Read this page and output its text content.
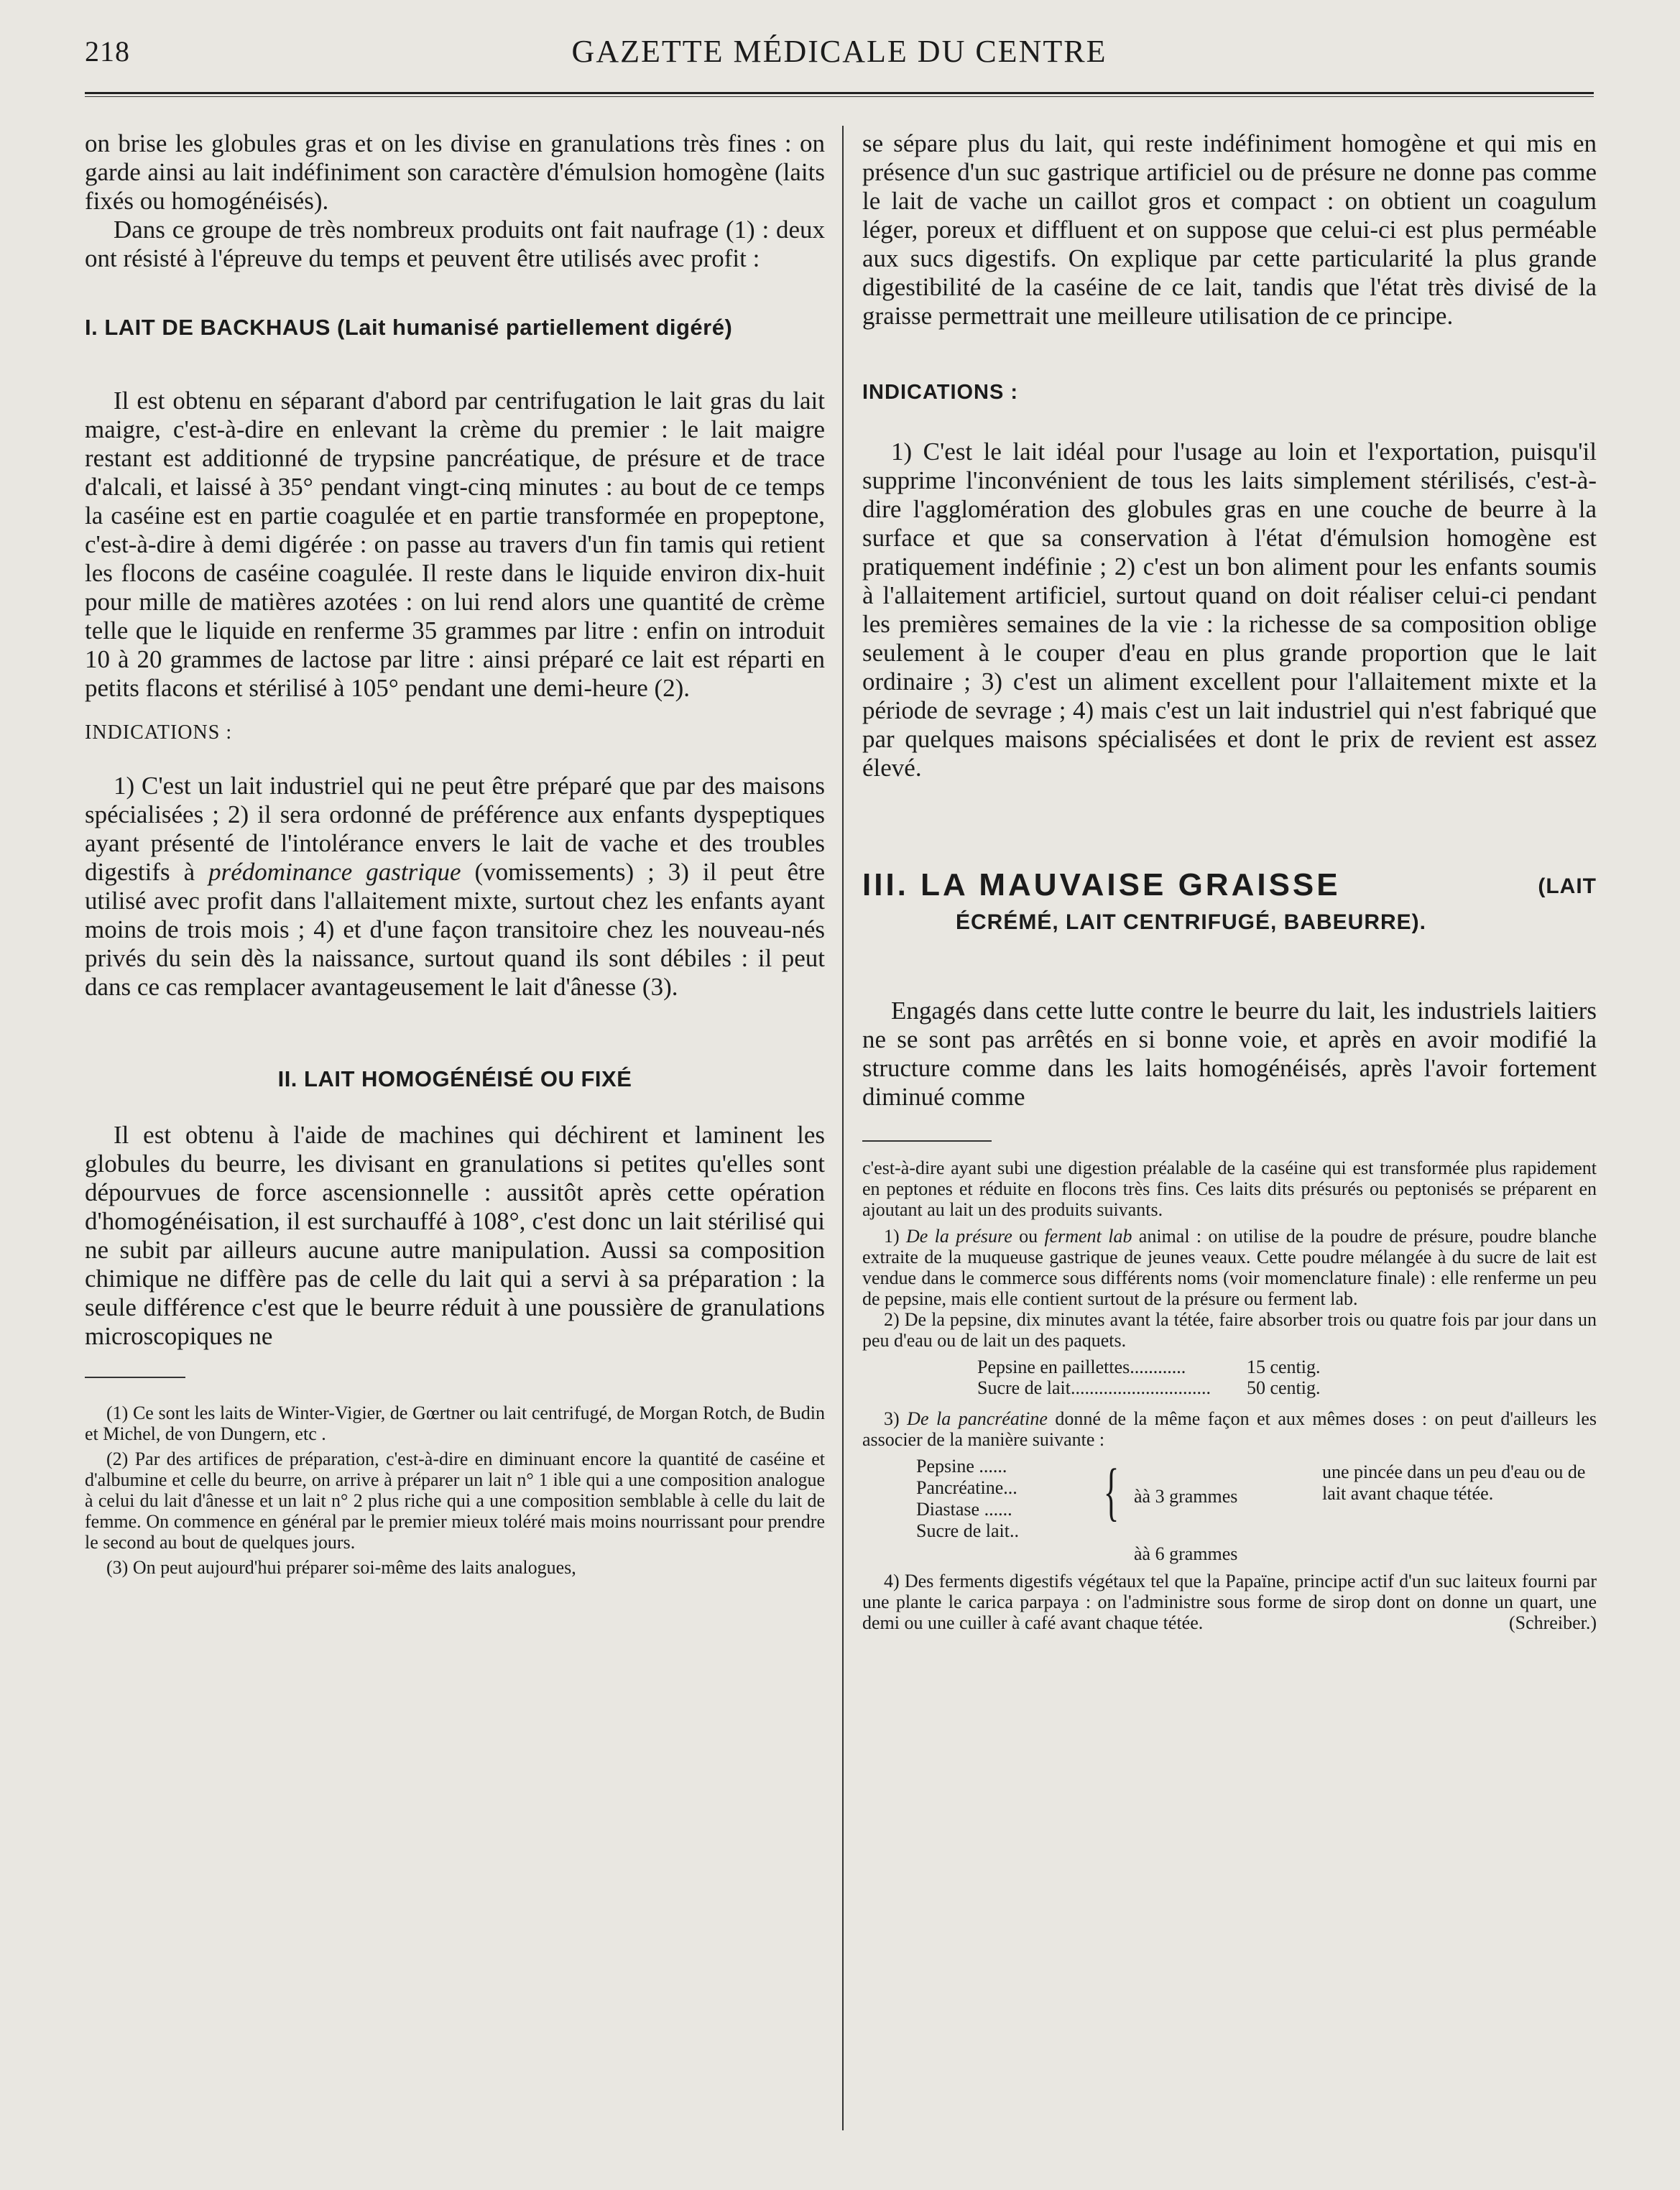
218	GAZETTE MÉDICALE DU CENTRE

on brise les globules gras et on les divise en granulations très fines : on garde ainsi au lait indéfiniment son caractère d'émulsion homogène (laits fixés ou homogénéisés).

Dans ce groupe de très nombreux produits ont fait naufrage (1) : deux ont résisté à l'épreuve du temps et peuvent être utilisés avec profit :

I. LAIT DE BACKHAUS (Lait humanisé partiellement digéré)

Il est obtenu en séparant d'abord par centrifugation le lait gras du lait maigre, c'est-à-dire en enlevant la crème du premier : le lait maigre restant est additionné de trypsine pancréatique, de présure et de trace d'alcali, et laissé à 35° pendant vingt-cinq minutes : au bout de ce temps la caséine est en partie coagulée et en partie transformée en propeptone, c'est-à-dire à demi digérée : on passe au travers d'un fin tamis qui retient les flocons de caséine coagulée. Il reste dans le liquide environ dix-huit pour mille de matières azotées : on lui rend alors une quantité de crème telle que le liquide en renferme 35 grammes par litre : enfin on introduit 10 à 20 grammes de lactose par litre : ainsi préparé ce lait est réparti en petits flacons et stérilisé à 105° pendant une demi-heure (2).

INDICATIONS :

1) C'est un lait industriel qui ne peut être préparé que par des maisons spécialisées ; 2) il sera ordonné de préférence aux enfants dyspeptiques ayant présenté de l'intolérance envers le lait de vache et des troubles digestifs à prédominance gastrique (vomissements) ; 3) il peut être utilisé avec profit dans l'allaitement mixte, surtout chez les enfants ayant moins de trois mois ; 4) et d'une façon transitoire chez les nouveau-nés privés du sein dès la naissance, surtout quand ils sont débiles : il peut dans ce cas remplacer avantageusement le lait d'ânesse (3).

II. LAIT HOMOGÉNÉISÉ OU FIXÉ

Il est obtenu à l'aide de machines qui déchirent et laminent les globules du beurre, les divisant en granulations si petites qu'elles sont dépourvues de force ascensionnelle : aussitôt après cette opération d'homogénéisation, il est surchauffé à 108°, c'est donc un lait stérilisé qui ne subit par ailleurs aucune autre manipulation. Aussi sa composition chimique ne diffère pas de celle du lait qui a servi à sa préparation : la seule différence c'est que le beurre réduit à une poussière de granulations microscopiques ne

(1) Ce sont les laits de Winter-Vigier, de Gœrtner ou lait centrifugé, de Morgan Rotch, de Budin et Michel, de von Dungern, etc .

(2) Par des artifices de préparation, c'est-à-dire en diminuant encore la quantité de caséine et d'albumine et celle du beurre, on arrive à préparer un lait n° 1 ible qui a une composition analogue à celui du lait d'ânesse et un lait n° 2 plus riche qui a une composition semblable à celle du lait de femme. On commence en général par le premier mieux toléré mais moins nourrissant pour prendre le second au bout de quelques jours.

(3) On peut aujourd'hui préparer soi-même des laits analogues,

se sépare plus du lait, qui reste indéfiniment homogène et qui mis en présence d'un suc gastrique artificiel ou de présure ne donne pas comme le lait de vache un caillot gros et compact : on obtient un coagulum léger, poreux et diffluent et on suppose que celui-ci est plus perméable aux sucs digestifs. On explique par cette particularité la plus grande digestibilité de la caséine de ce lait, tandis que l'état très divisé de la graisse permettrait une meilleure utilisation de ce principe.

INDICATIONS :

1) C'est le lait idéal pour l'usage au loin et l'exportation, puisqu'il supprime l'inconvénient de tous les laits simplement stérilisés, c'est-à-dire l'agglomération des globules gras en une couche de beurre à la surface et que sa conservation à l'état d'émulsion homogène est pratiquement indéfinie ; 2) c'est un bon aliment pour les enfants soumis à l'allaitement artificiel, surtout quand on doit réaliser celui-ci pendant les premières semaines de la vie : la richesse de sa composition oblige seulement à le couper d'eau en plus grande proportion que le lait ordinaire ; 3) c'est un aliment excellent pour l'allaitement mixte et la période de sevrage ; 4) mais c'est un lait industriel qui n'est fabriqué que par quelques maisons spécialisées et dont le prix de revient est assez élevé.

III. LA MAUVAISE GRAISSE	(LAIT
ÉCRÉMÉ, LAIT CENTRIFUGÉ, BABEURRE).

Engagés dans cette lutte contre le beurre du lait, les industriels laitiers ne se sont pas arrêtés en si bonne voie, et après en avoir modifié la structure comme dans les laits homogénéisés, après l'avoir fortement diminué comme

c'est-à-dire ayant subi une digestion préalable de la caséine qui est transformée plus rapidement en peptones et réduite en flocons très fins. Ces laits dits présurés ou peptonisés se préparent en ajoutant au lait un des produits suivants.

1) De la présure ou ferment lab animal : on utilise de la poudre de présure, poudre blanche extraite de la muqueuse gastrique de jeunes veaux. Cette poudre mélangée à du sucre de lait est vendue dans le commerce sous différents noms (voir momenclature finale) : elle renferme un peu de pepsine, mais elle contient surtout de la présure ou ferment lab.

2) De la pepsine, dix minutes avant la tétée, faire absorber trois ou quatre fois par jour dans un peu d'eau ou de lait un des paquets.

Pepsine en paillettes............	15 centig.
Sucre de lait..............................	50 centig.

3) De la pancréatine donné de la même façon et aux mêmes doses : on peut d'ailleurs les associer de la manière suivante :

Pepsine ......
Pancréatine...
Diastase ......
Sucre de lait..
{ àà 3 grammes
àà 6 grammes
une pincée dans un peu d'eau ou de lait avant chaque tétée.

4) Des ferments digestifs végétaux tel que la Papaïne, principe actif d'un suc laiteux fourni par une plante le carica parpaya : on l'administre sous forme de sirop dont on donne un quart, une demi ou une cuiller à café avant chaque tétée.	(Schreiber.)
